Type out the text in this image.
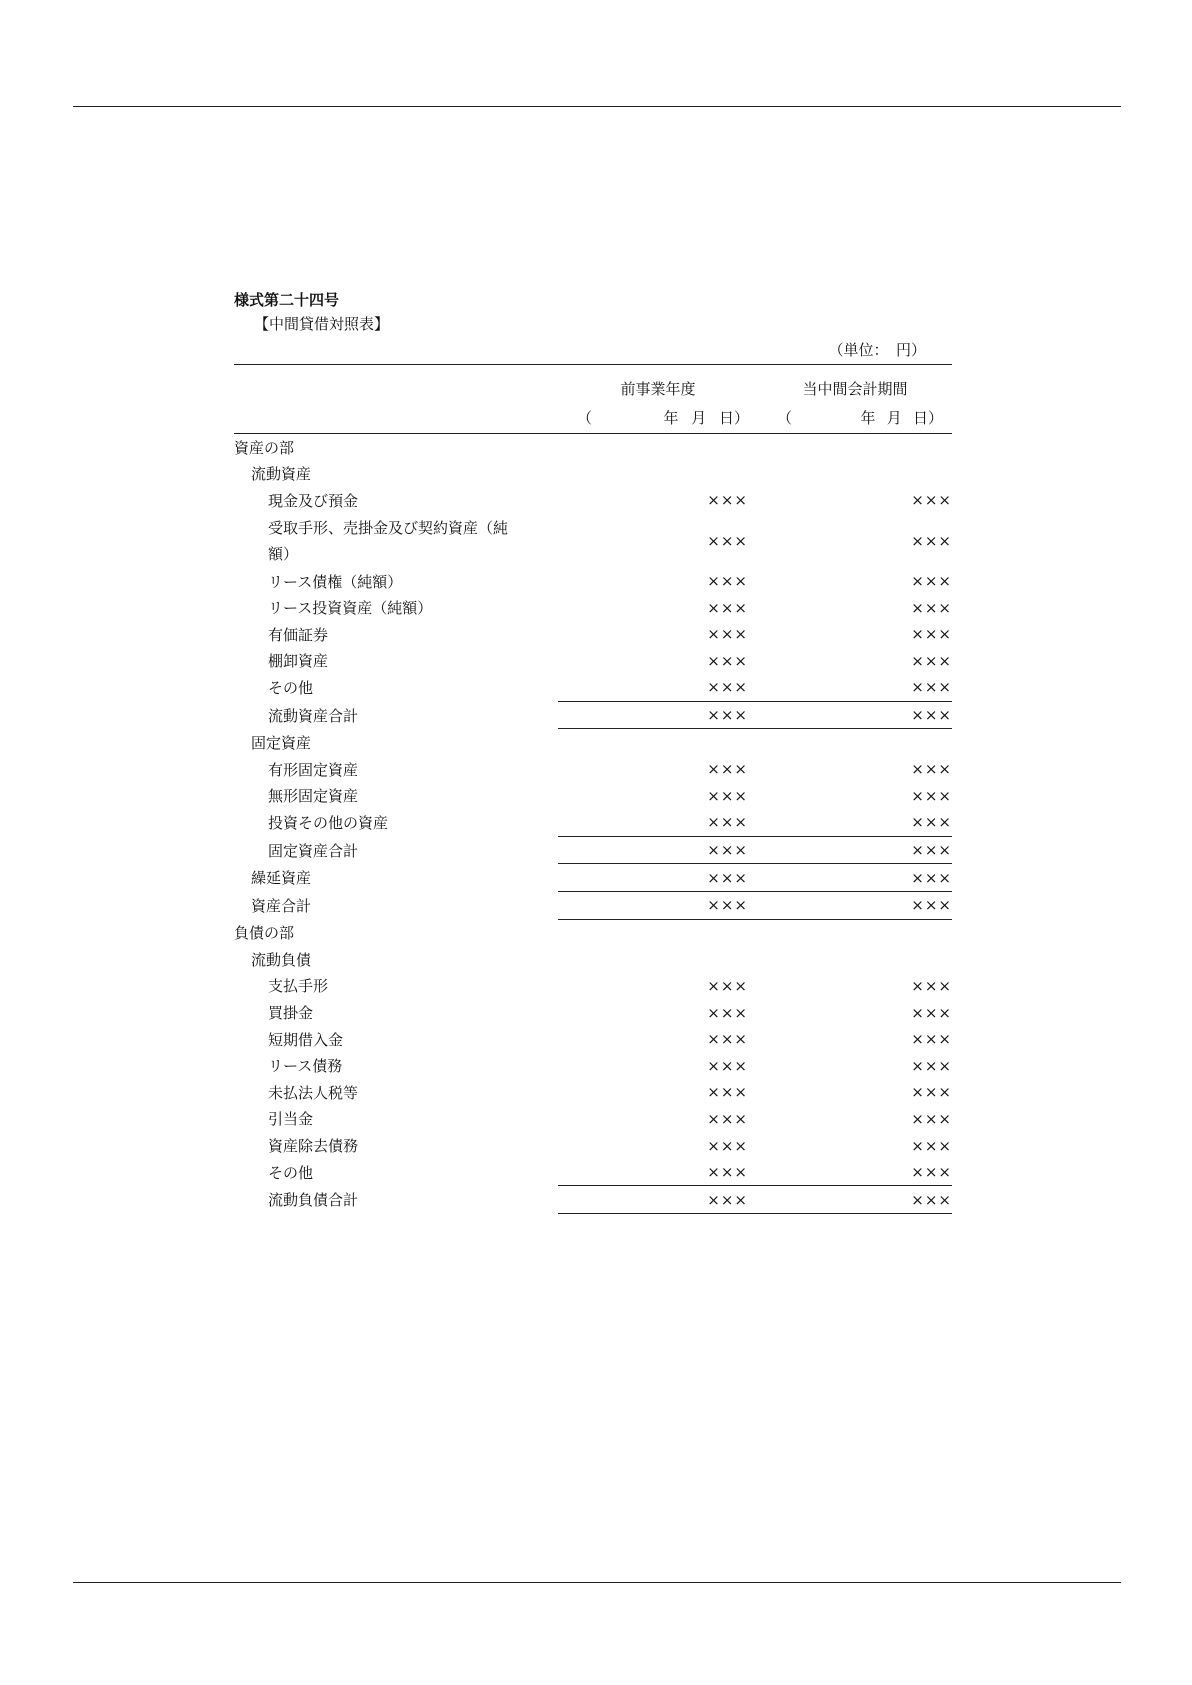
様式第二十四号
【中間貸借対照表】
（単位：　円）
	前事業年度	当中間会計期間

	（ 年 月 日）	（ 年 月 日）

資産の部		
流動資産		
現金及び預金	×××	×××

受取手形、売掛金及び契約資産（純
額）	×××	×××
リース債権（純額）	×××	×××
リース投資資産（純額）	×××	×××
有価証券	×××	×××
棚卸資産	×××	×××
その他	×××	×××
流動資産合計	×××	×××
固定資産		
有形固定資産	×××	×××
無形固定資産	×××	×××
投資その他の資産	×××	×××
固定資産合計	×××	×××
繰延資産	×××	×××
資産合計	×××	×××
負債の部		
流動負債		
支払手形	×××	×××
買掛金	×××	×××
短期借入金	×××	×××
リース債務	×××	×××
未払法人税等	×××	×××
引当金	×××	×××
資産除去債務	×××	×××
その他	×××	×××
流動負債合計	×××	×××
